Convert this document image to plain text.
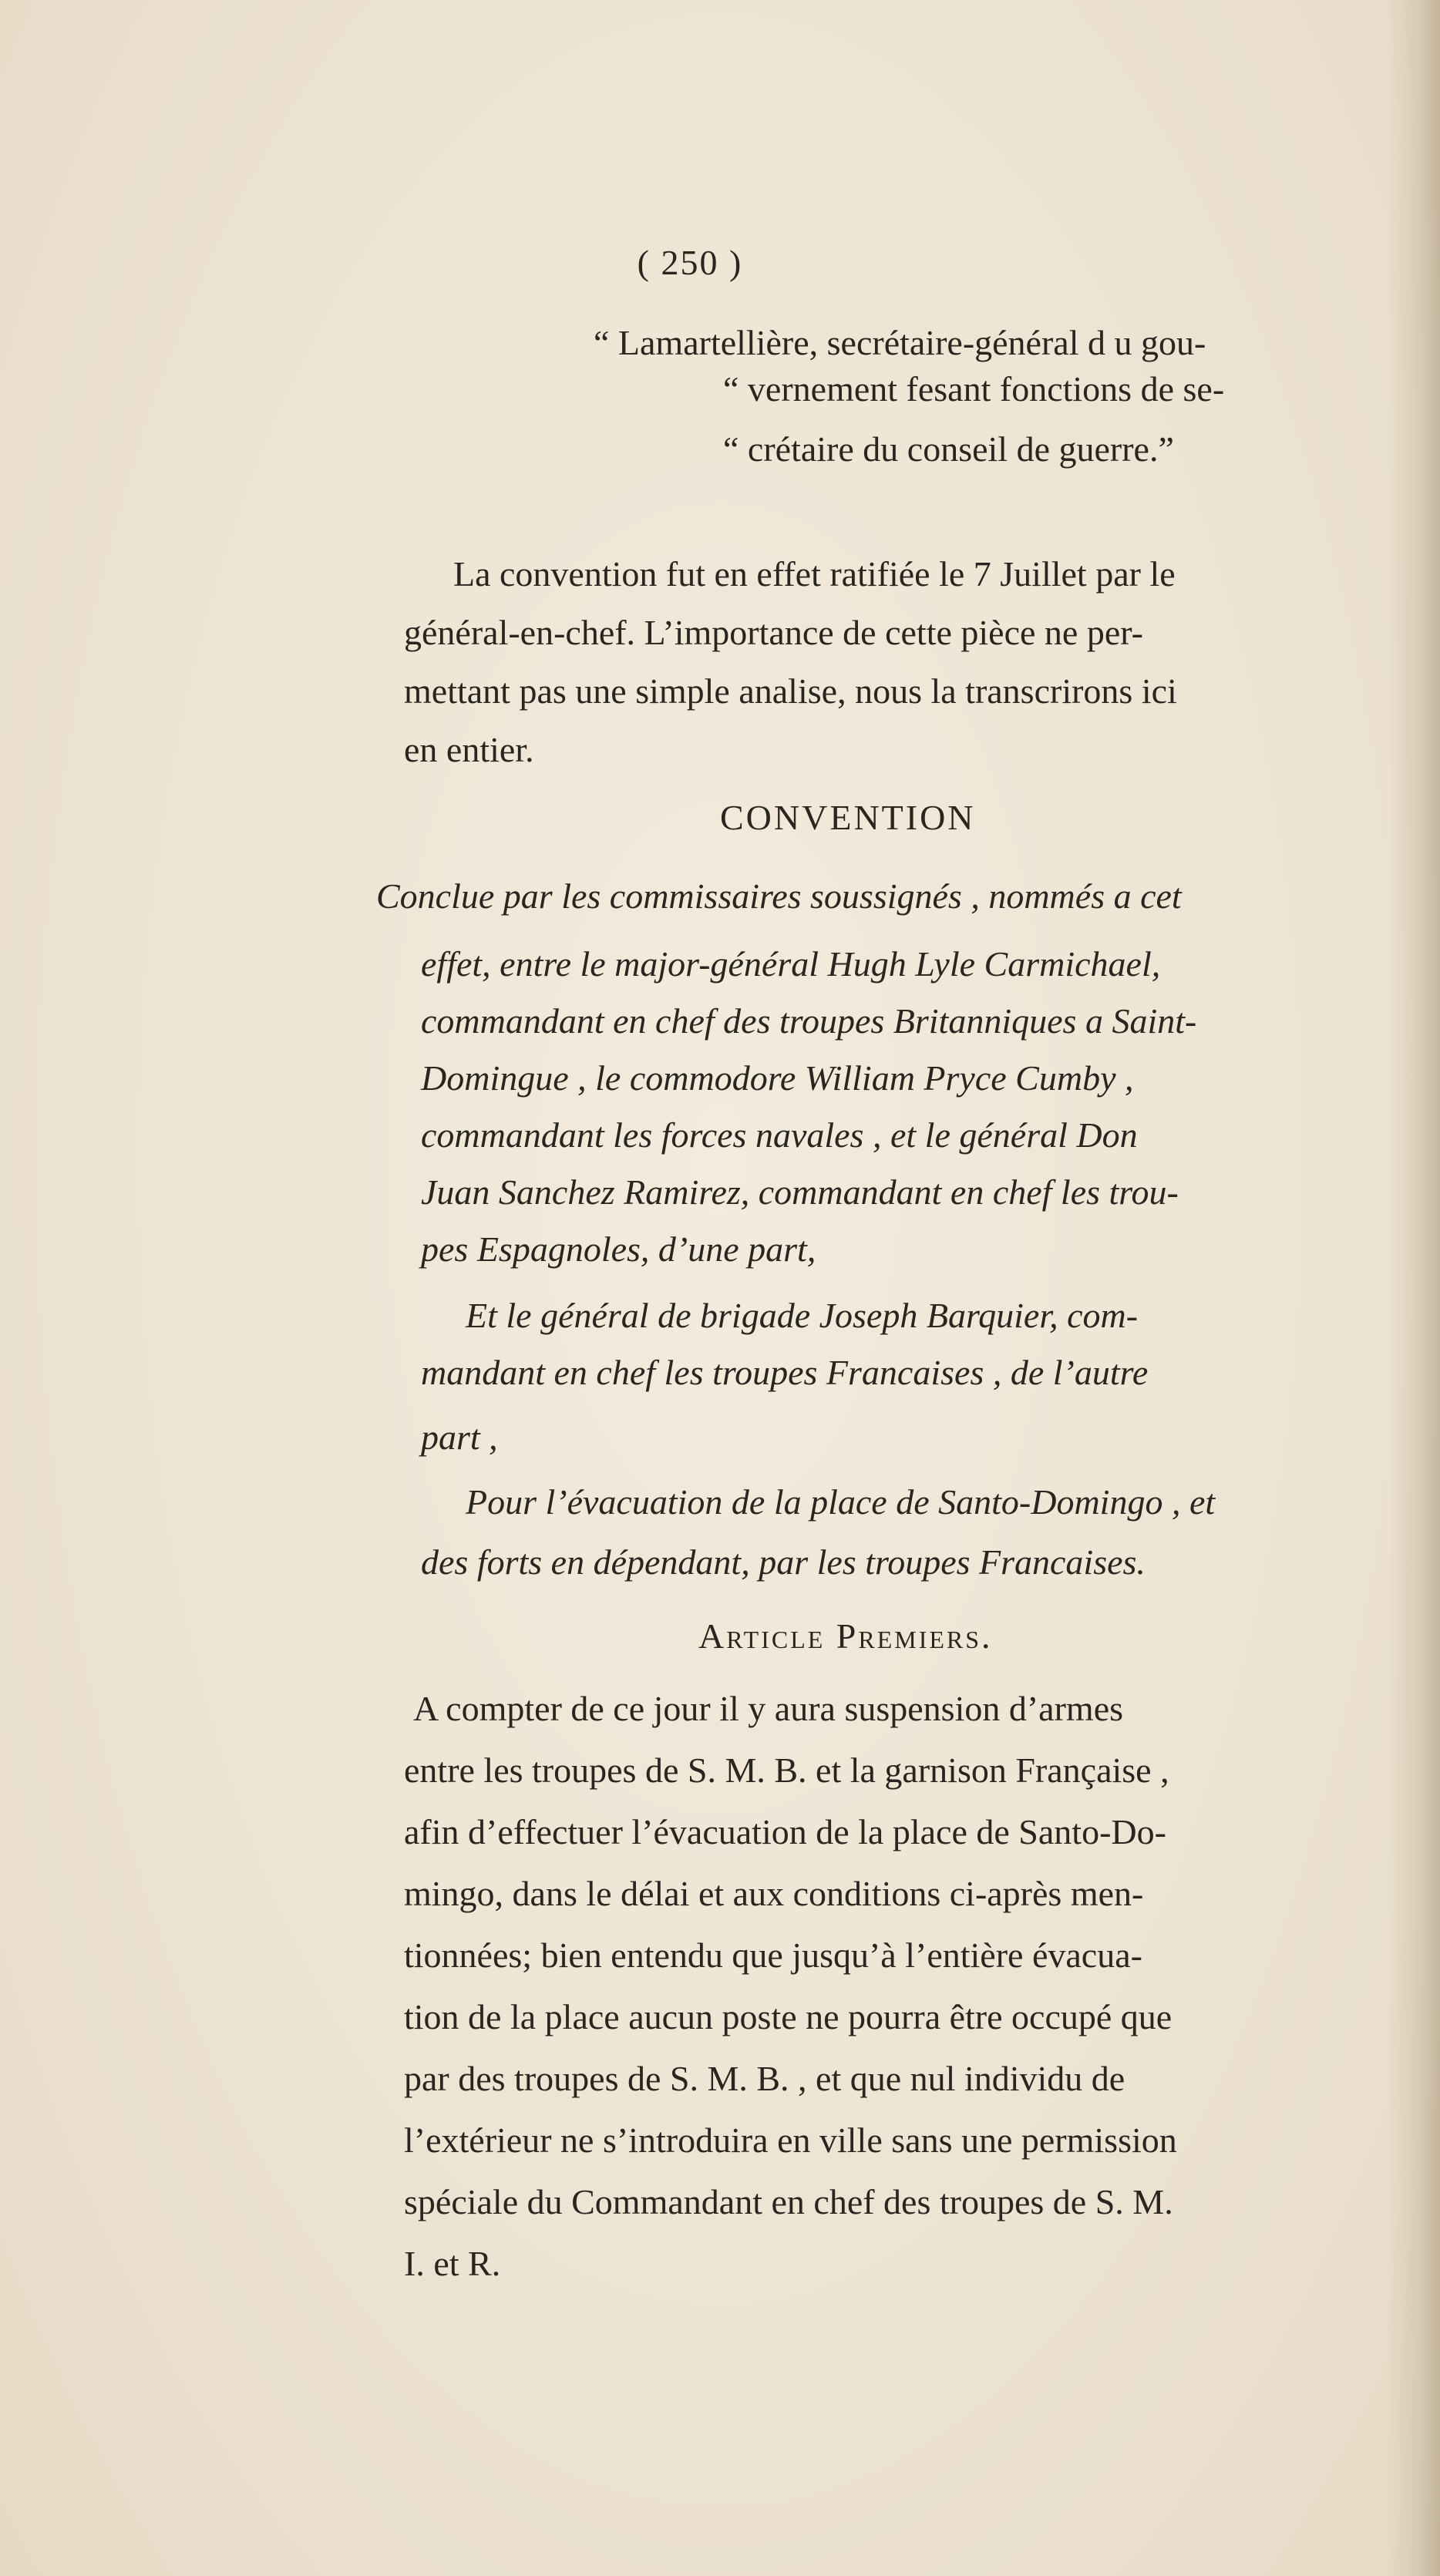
( 250 )
“ Lamartellière, secrétaire-général d u gou-
“ vernement fesant fonctions de se-
“ crétaire du conseil de guerre.”
La convention fut en effet ratifiée le 7 Juillet par le
général-en-chef. L’importance de cette pièce ne per-
mettant pas une simple analise, nous la transcrirons ici
en entier.
CONVENTION
Conclue par les commissaires soussignés , nommés a cet
effet, entre le major-général Hugh Lyle Carmichael,
commandant en chef des troupes Britanniques a Saint-
Domingue , le commodore William Pryce Cumby ,
commandant les forces navales , et le général Don
Juan Sanchez Ramirez, commandant en chef les trou-
pes Espagnoles, d’une part,
Et le général de brigade Joseph Barquier, com-
mandant en chef les troupes Francaises , de l’autre
part ,
Pour l’évacuation de la place de Santo-Domingo , et
des forts en dépendant, par les troupes Francaises.
Article Premiers.
A compter de ce jour il y aura suspension d’armes
entre les troupes de S. M. B. et la garnison Française ,
afin d’effectuer l’évacuation de la place de Santo-Do-
mingo, dans le délai et aux conditions ci-après men-
tionnées; bien entendu que jusqu’à l’entière évacua-
tion de la place aucun poste ne pourra être occupé que
par des troupes de S. M. B. , et que nul individu de
l’extérieur ne s’introduira en ville sans une permission
spéciale du Commandant en chef des troupes de S. M.
I. et R.
